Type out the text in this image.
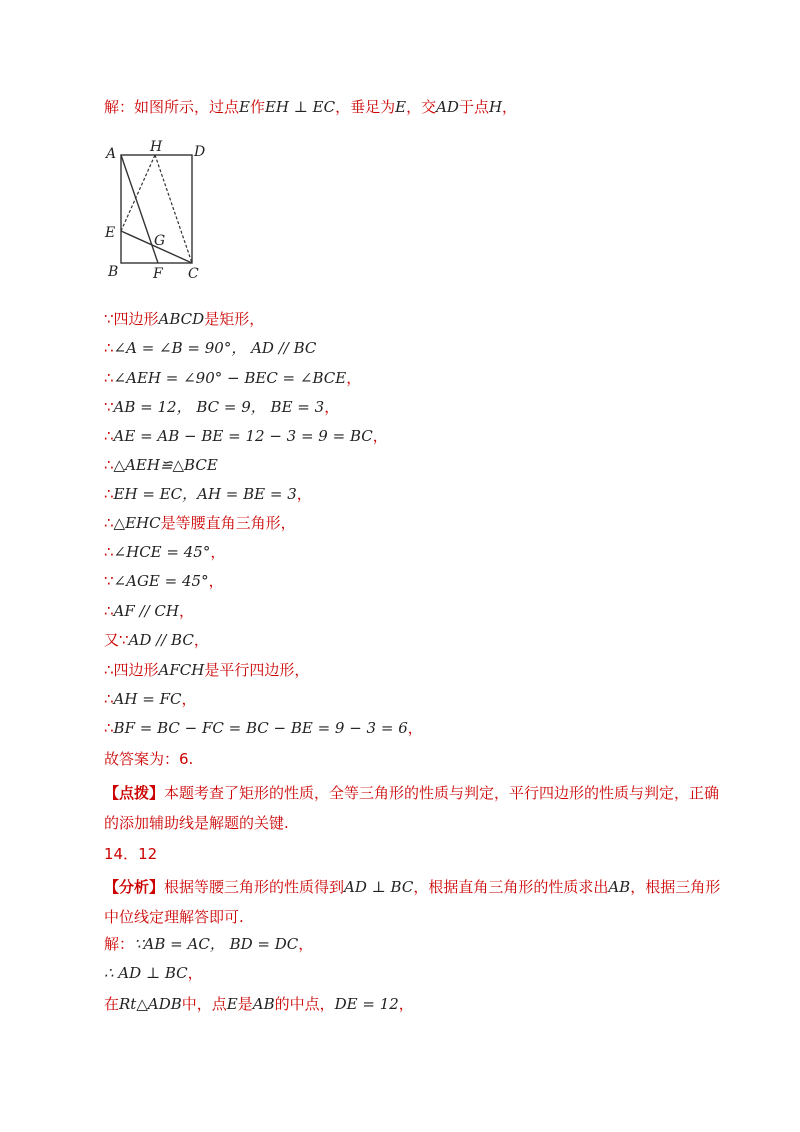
解：如图所示，过点E作EH ⊥ EC，垂足为E，交AD于点H，
A H D
E	G
B F C
∵四边形ABCD是矩形，
∴∠A = ∠B = 90°， AD // BC
∴∠AEH = ∠90° − BEC = ∠BCE，
∵AB = 12， BC = 9， BE = 3，
∴AE = AB − BE = 12 − 3 = 9 = BC，
∴△AEH≌△BCE
∴EH = EC，AH = BE = 3，
∴△EHC是等腰直角三角形，
∴∠HCE = 45°，
∵∠AGE = 45°，
∴AF // CH，
又∵AD // BC，
∴四边形AFCH是平行四边形，
∴AH = FC，
∴BF = BC − FC = BC − BE = 9 − 3 = 6，
故答案为：6.
【点拨】本题考查了矩形的性质，全等三角形的性质与判定，平行四边形的性质与判定，正确的添加辅助线是解题的关键.
14．12
【分析】根据等腰三角形的性质得到AD ⊥ BC，根据直角三角形的性质求出AB，根据三角形中位线定理解答即可.
解：∵AB = AC， BD = DC，
∴ AD ⊥ BC，
在Rt△ADB中，点E是AB的中点，DE = 12，
